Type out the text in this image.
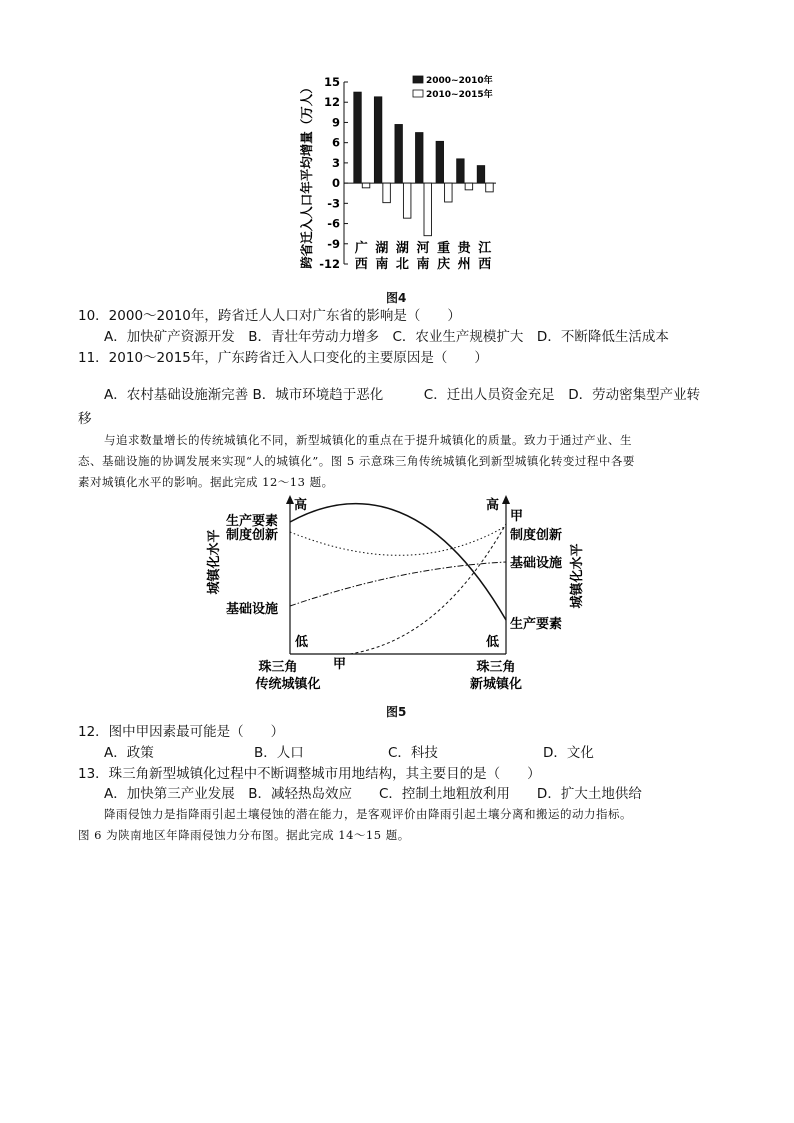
跨省迁入人口年平均增量（万人） 15
12
9
6
3
0
-3
-6
-9
-12
广
西
湖
南
湖
北
河
南
重
庆
贵
州
江
西
2000~2010年
2010~2015年
图4
10．2000～2010年，跨省迁人人口对广东省的影响是（　　）
A．加快矿产资源开发　B．青壮年劳动力增多　C．农业生产规模扩大　D．不断降低生活成本
11．2010～2015年，广东跨省迁入人口变化的主要原因是（　　）
A．农村基础设施渐完善 B．城市环境趋于恶化　　　C．迁出人员资金充足　D．劳动密集型产业转
移
与追求数量增长的传统城镇化不同，新型城镇化的重点在于提升城镇化的质量。致力于通过产业、生
态、基础设施的协调发展来实现“人的城镇化”。图 5 示意珠三角传统城镇化到新型城镇化转变过程中各要
素对城镇化水平的影响。据此完成 12～13 题。
城镇化水平
高
低
生产要素
制度创新
基础设施
高
低
甲
制度创新
基础设施
生产要素
城镇化水平
珠三角
传统城镇化
甲	珠三角
新城镇化
图5
12．图中甲因素最可能是（　　）
A．政策	B．人口	C．科技	D．文化
13．珠三角新型城镇化过程中不断调整城市用地结构，其主要目的是（　　）
A．加快第三产业发展　B．减轻热岛效应　　C．控制土地粗放利用　　D．扩大土地供给
降雨侵蚀力是指降雨引起土壤侵蚀的潜在能力，是客观评价由降雨引起土壤分离和搬运的动力指标。
图 6 为陕南地区年降雨侵蚀力分布图。据此完成 14～15 题。
